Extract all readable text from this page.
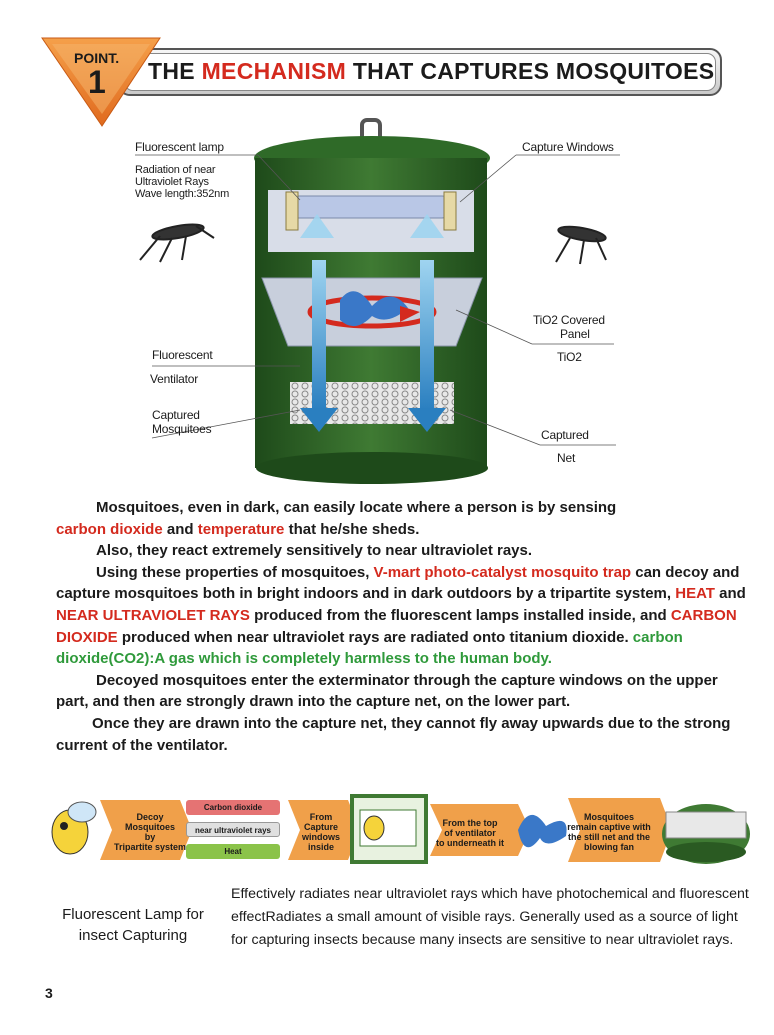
POINT.
1 THE MECHANISM THAT CAPTURES MOSQUITOES
Fluorescent lamp
Radiation of near
Ultraviolet Rays
Wave length:352nm
Capture Windows
TiO2 Covered
Panel
TiO2
Fluorescent
Ventilator
Captured
Mosquitoes	Captured
Net

Mosquitoes, even in dark, can easily locate where a person is by sensing
carbon dioxide and temperature that he/she sheds.

Also, they react extremely sensitively to near ultraviolet rays.

Using these properties of mosquitoes, V-mart photo-catalyst mosquito trap can decoy and capture mosquitoes both in bright indoors and in dark outdoors by a tripartite system, HEAT and NEAR ULTRAVIOLET RAYS produced from the fluorescent lamps installed inside, and CARBON DIOXIDE produced when near ultraviolet rays are radiated onto titanium dioxide. carbon dioxide(CO2):A gas which is completely harmless to the human body.

Decoyed mosquitoes enter the exterminator through the capture windows on the upper part, and then are strongly drawn into the capture net, on the lower part.

Once they are drawn into the capture net, they cannot fly away upwards due to the strong current of the ventilator.

Decoy
Mosquitoes
by
Tripartite system
Carbon dioxide
near ultraviolet rays
Heat
From
Capture
windows
inside
From the top
of ventilator
to underneath it
Mosquitoes
remain captive with
the still net and the
blowing fan
Fluorescent Lamp for insect Capturing
Effectively radiates near ultraviolet rays which have photochemical and fluorescent effectRadiates a small amount of visible rays. Generally used as a source of light for capturing insects because many insects are sensitive to near ultraviolet rays.
3
